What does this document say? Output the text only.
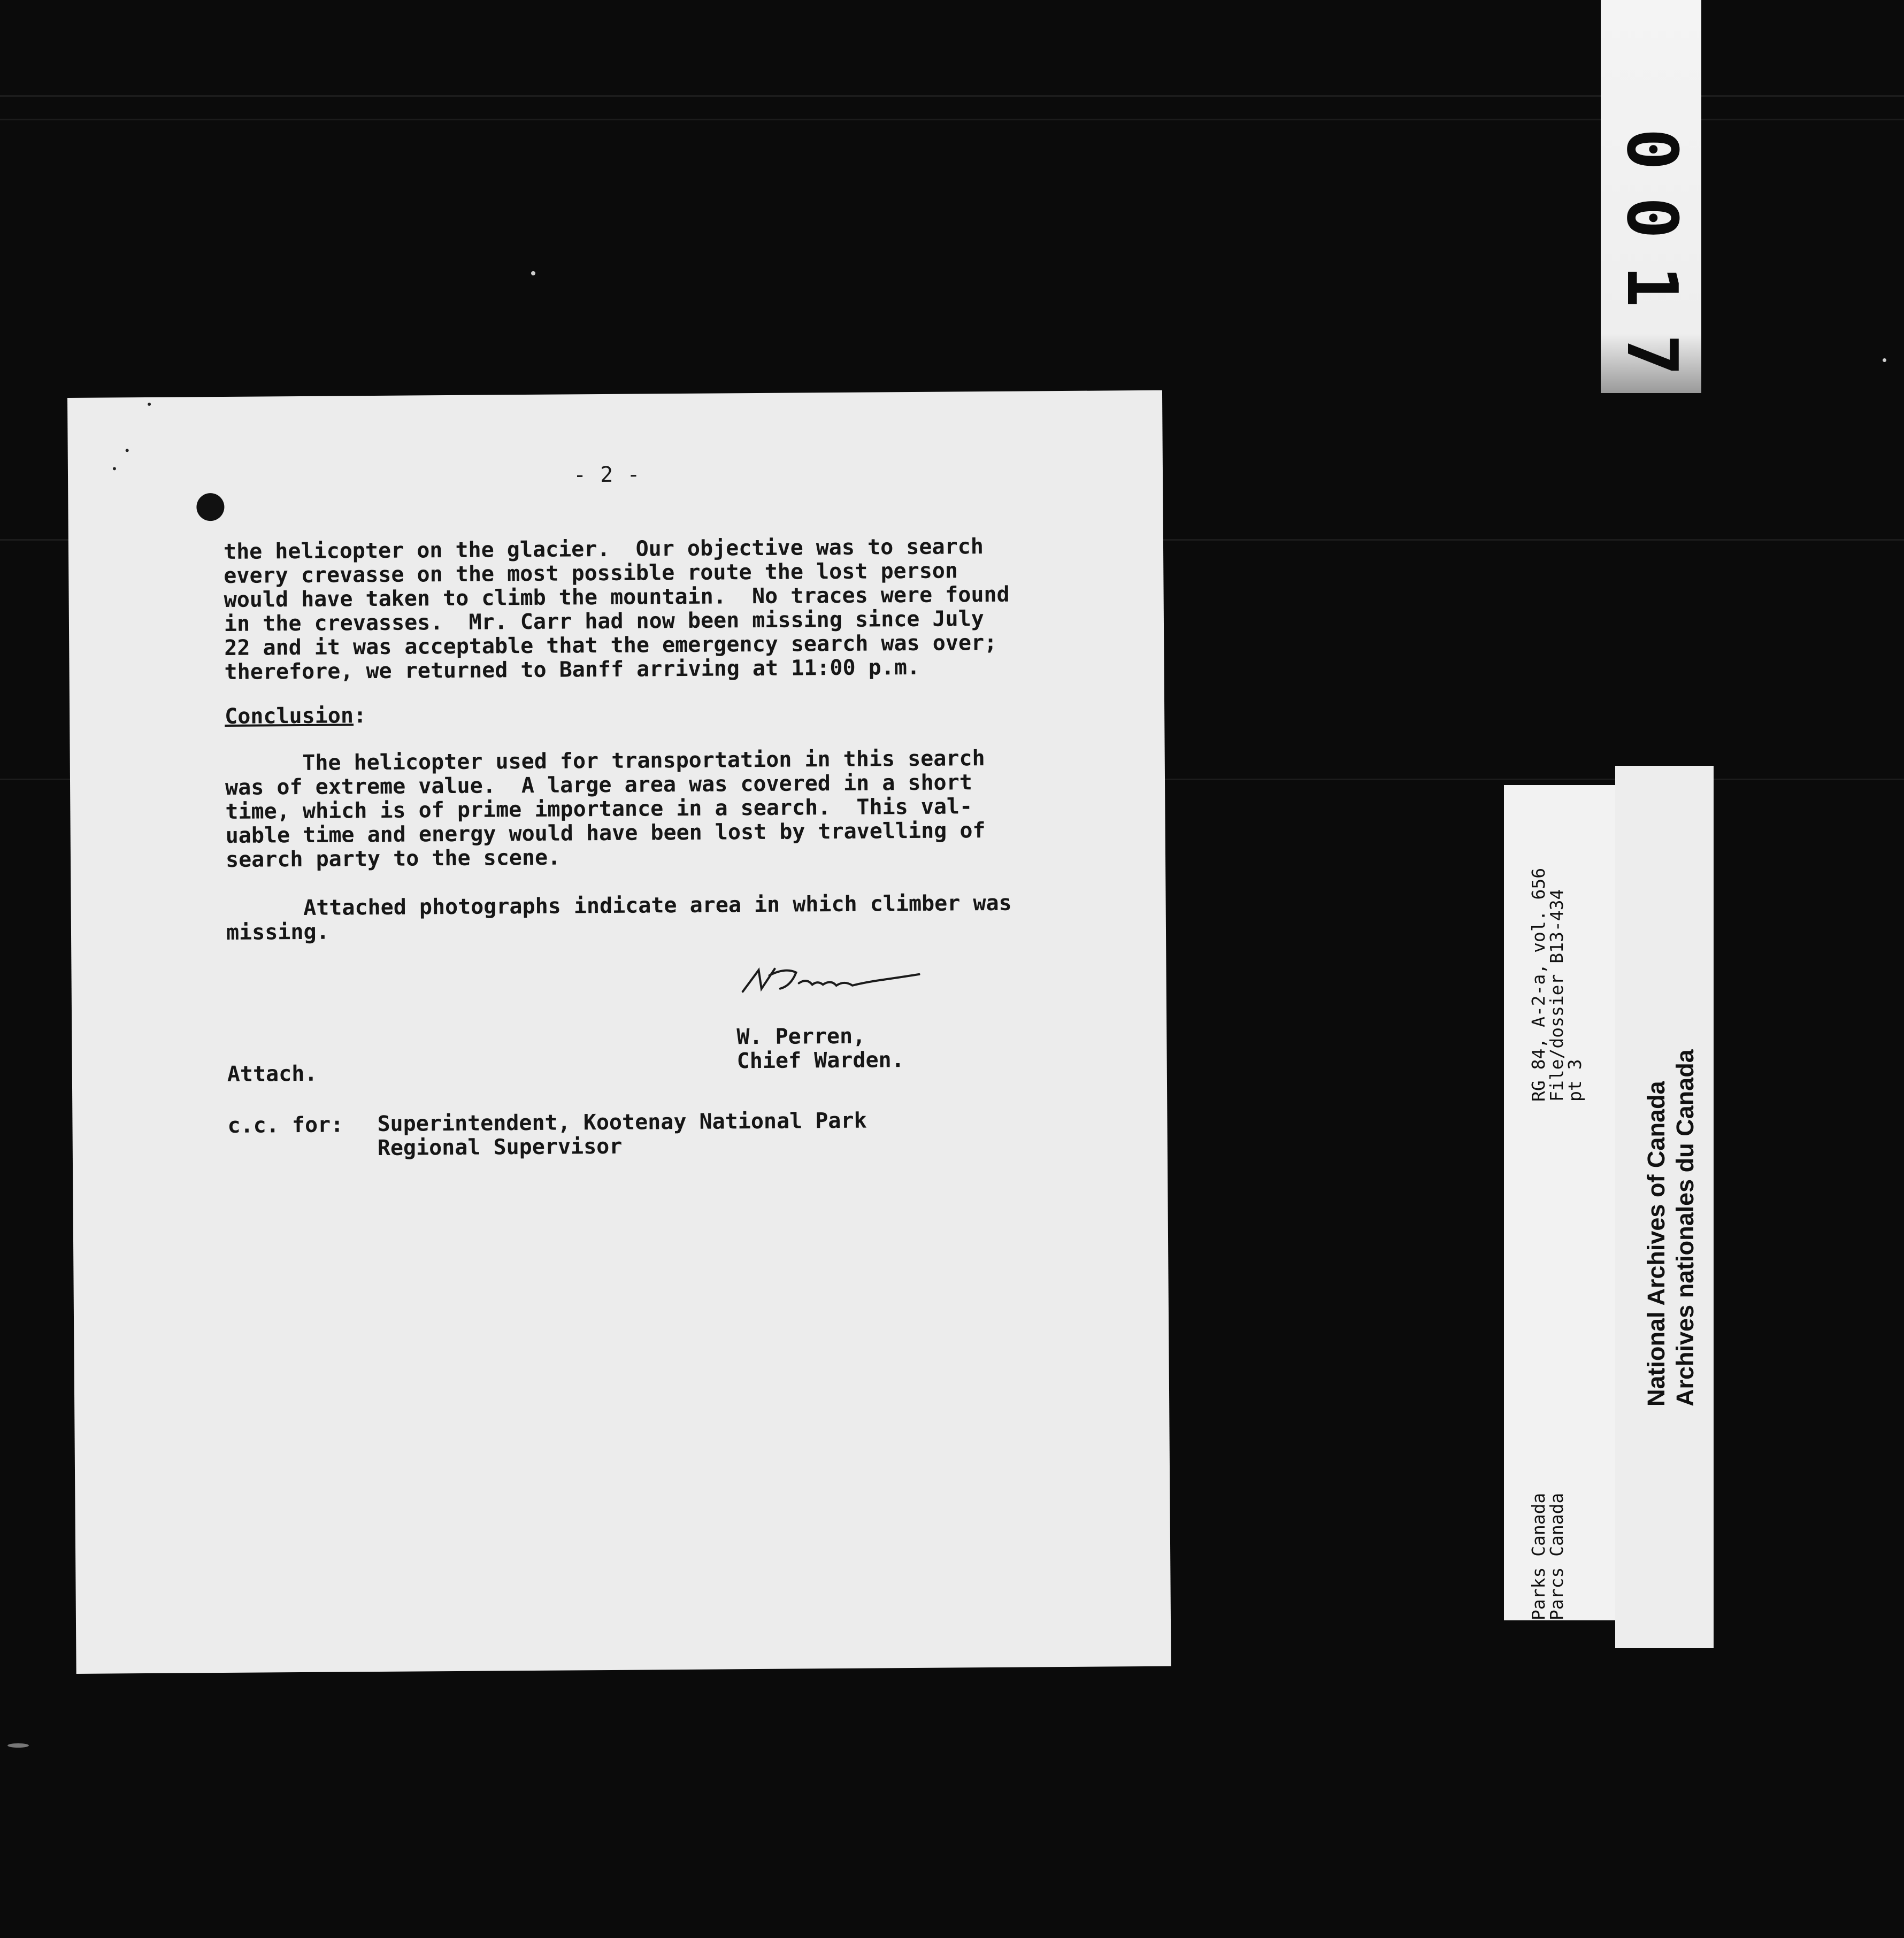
- 2 -
the helicopter on the glacier.  Our objective was to search
every crevasse on the most possible route the lost person
would have taken to climb the mountain.  No traces were found
in the crevasses.  Mr. Carr had now been missing since July
22 and it was acceptable that the emergency search was over;
therefore, we returned to Banff arriving at 11:00 p.m.
Conclusion:
The helicopter used for transportation in this search
was of extreme value.  A large area was covered in a short
time, which is of prime importance in a search.  This val-
uable time and energy would have been lost by travelling of
search party to the scene.
Attached photographs indicate area in which climber was
missing.
W. Perren,
Chief Warden.
Attach.
c.c. for: Superintendent, Kootenay National Park
Regional Supervisor
RG 84, A-2-a, vol. 656
File/dossier B13-434
pt 3
Parks Canada
Parcs Canada
National Archives of Canada
Archives nationales du Canada
